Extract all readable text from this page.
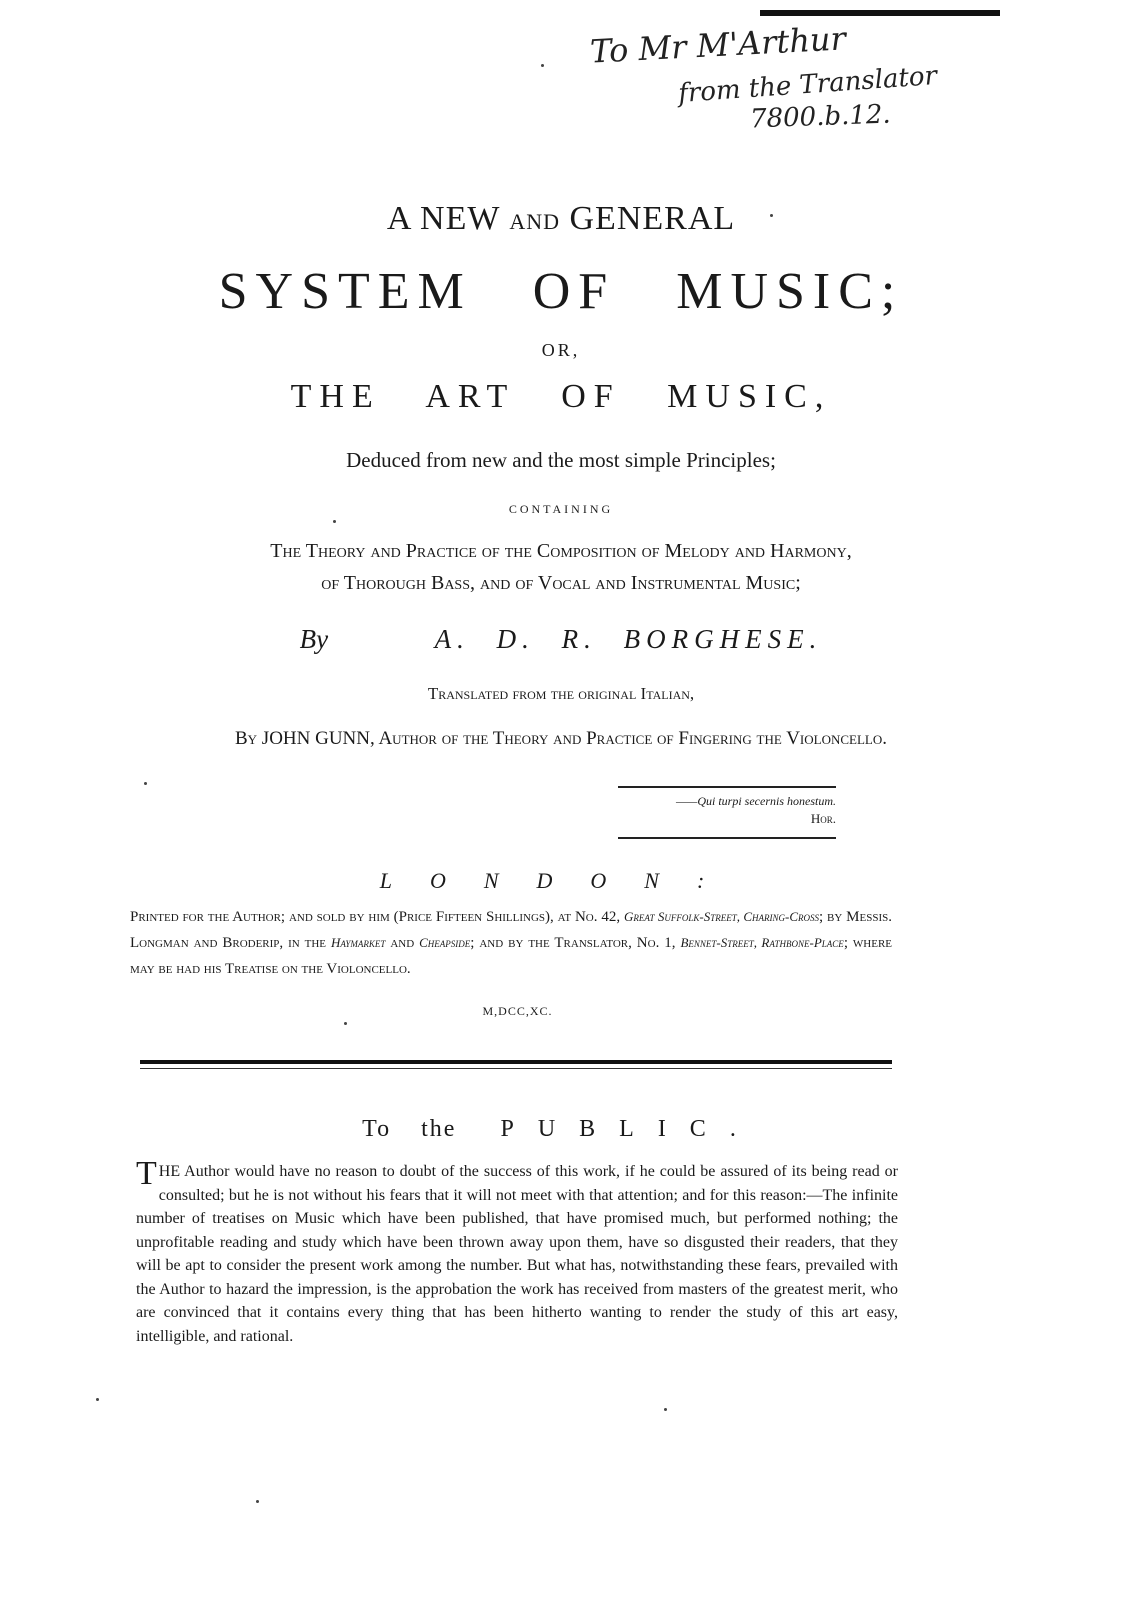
To Mr M'Arthur
from the Translator
7800.b.12.
A NEW AND GENERAL
SYSTEM OF MUSIC;
OR,
THE ART OF MUSIC,
Deduced from new and the most simple Principles;
CONTAINING
The Theory and Practice of the Composition of Melody and Harmony,
of Thorough Bass, and of Vocal and Instrumental Music;
By	A. D. R. BORGHESE.
Translated from the original Italian,
By JOHN GUNN, Author of the Theory and Practice of Fingering the Violoncello.
——Qui turpi secernis honestum.
Hor.
LONDON:
Printed for the Author; and sold by him (Price Fifteen Shillings), at No. 42, Great Suffolk-Street, Charing-Cross; by Messis. Longman and Broderip, in the Haymarket and Cheapside; and by the Translator, No. 1, Bennet-Street, Rathbone-Place; where may be had his Treatise on the Violoncello.
M,DCC,XC.
To the PUBLIC.
THE Author would have no reason to doubt of the success of this work, if he could be assured of its being read or consulted; but he is not without his fears that it will not meet with that attention; and for this reason:—The infinite number of treatises on Music which have been published, that have promised much, but performed nothing; the unprofitable reading and study which have been thrown away upon them, have so disgusted their readers, that they will be apt to consider the present work among the number. But what has, notwithstanding these fears, prevailed with the Author to hazard the impression, is the approbation the work has received from masters of the greatest merit, who are convinced that it contains every thing that has been hitherto wanting to render the study of this art easy, intelligible, and rational.
